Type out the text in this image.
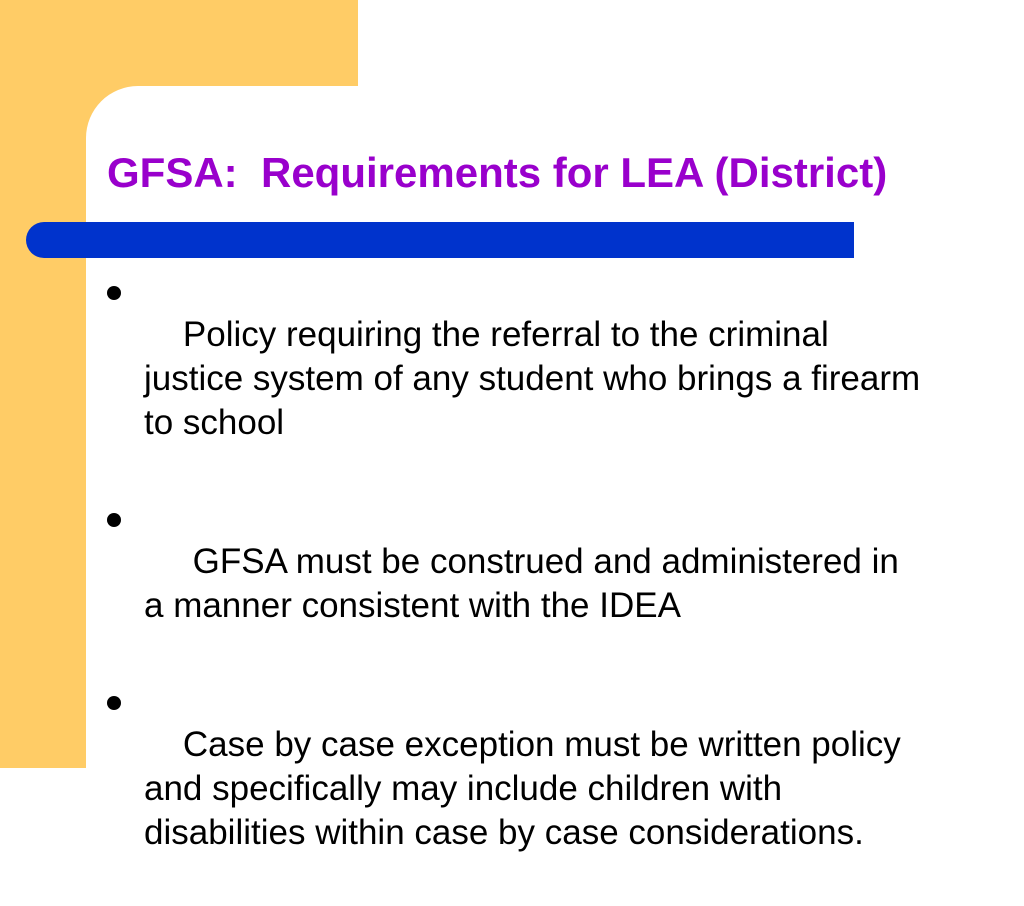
GFSA:  Requirements for LEA (District)

Policy requiring the referral to the criminal justice system of any student who brings a firearm to school

GFSA must be construed and administered in a manner consistent with the IDEA

Case by case exception must be written policy and specifically may include children with disabilities within case by case considerations.
